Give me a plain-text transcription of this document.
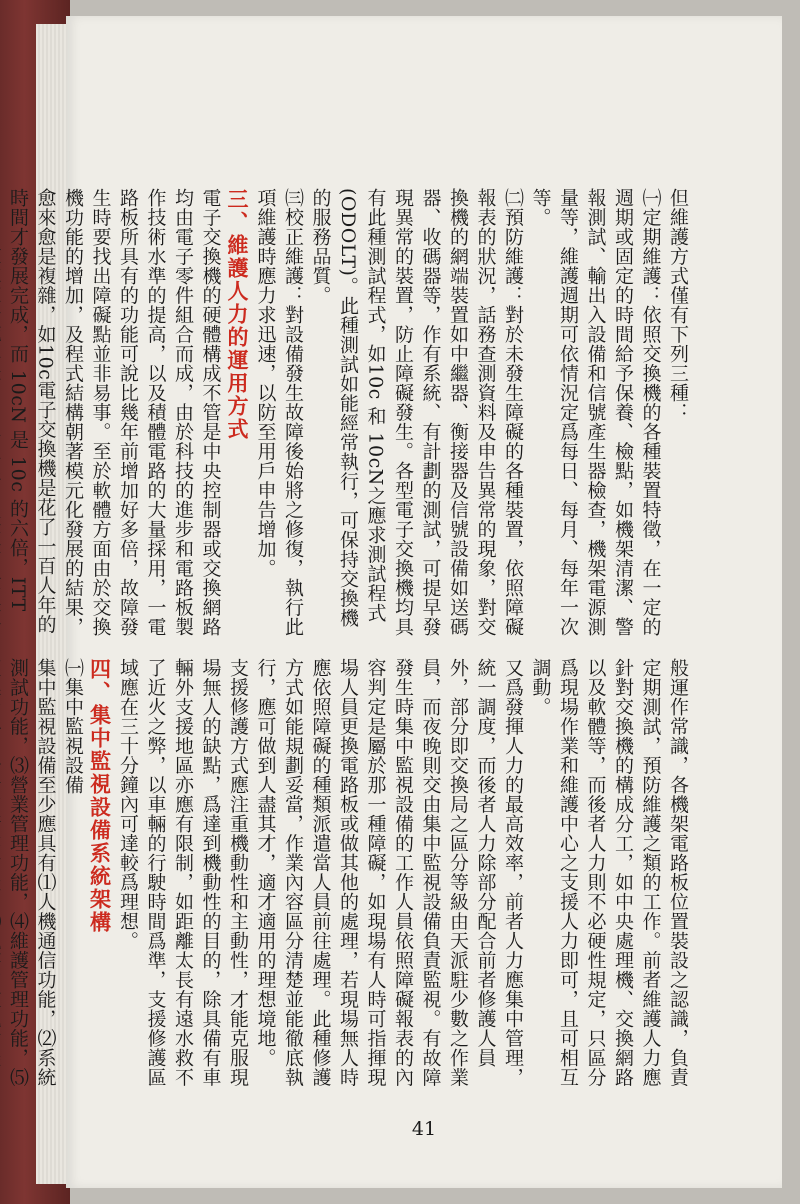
但維護方式僅有下列三種：
㈠定期維護：依照交換機的各種裝置特徵，在一定的週期或固定的時間給予保養、檢點，如機架清潔、警報測試、輸出入設備和信號產生器檢查，機架電源測量等，維護週期可依情況定爲每日、每月、每年一次等。
㈡預防維護：對於未發生障礙的各種裝置，依照障礙報表的狀況，話務查測資料及申告異常的現象，對交換機的網端裝置如中繼器、衡接器及信號設備如送碼器、收碼器等，作有系統、有計劃的測試，可提早發現異常的裝置，防止障礙發生。各型電子交換機均具有此種測試程式，如10c 和 10cN之應求測試程式 (ODOLT)。此種測試如能經常執行，可保持交換機的服務品質。
㈢校正維護：對設備發生故障後始將之修復，執行此項維護時應力求迅速，以防至用戶申告增加。
三、維護人力的運用方式
電子交換機的硬體構成不管是中央控制器或交換網路均由電子零件組合而成，由於科技的進步和電路板製作技術水準的提高，以及積體電路的大量採用，一電路板所具有的功能可說比幾年前增加好多倍，故障發生時要找出障礙點並非易事。至於軟體方面由於交換機功能的增加，及程式結構朝著模元化發展的結果，愈來愈是複雜，如10c電子交換機是花了一百人年的時間才發展完成，而 10cN 是 10c 的六倍，ITT

般運作常識，各機架電路板位置裝設之認識，負責定期測試，預防維護之類的工作。前者維護人力應針對交換機的構成分工，如中央處理機、交換網路以及軟體等，而後者人力則不必硬性規定，只區分爲現場作業和維護中心之支援人力即可，且可相互調動。
又爲發揮人力的最高效率，前者人力應集中管理，統一調度，而後者人力除部分配合前者修護人員外，部分即交換局之區分等級由天派駐少數之作業員，而夜晚則交由集中監視設備負責監視。有故障發生時集中監視設備的工作人員依照障礙報表的內容判定是屬於那一種障礙，如現場有人時可指揮現場人員更換電路板或做其他的處理，若現場無人時應依照障礙的種類派遣當人員前往處理。此種修護方式如能規劃妥當，作業內容區分清楚並能徹底執行，應可做到人盡其才，適才適用的理想境地。
支援修護方式應注重機動性和主動性，才能克服現場無人的缺點，爲達到機動性的目的，除具備有車輛外支援地區亦應有限制，如距離太長有遠水救不了近火之弊，以車輛的行駛時間爲準，支援修護區域應在三十分鐘內可達較爲理想。
四、集中監視設備系統架構
㈠集中監視設備
集中監視設備至少應具有⑴人機通信功能，⑵系統測試功能，⑶營業管理功能，⑷維護管理功能，⑸

41
